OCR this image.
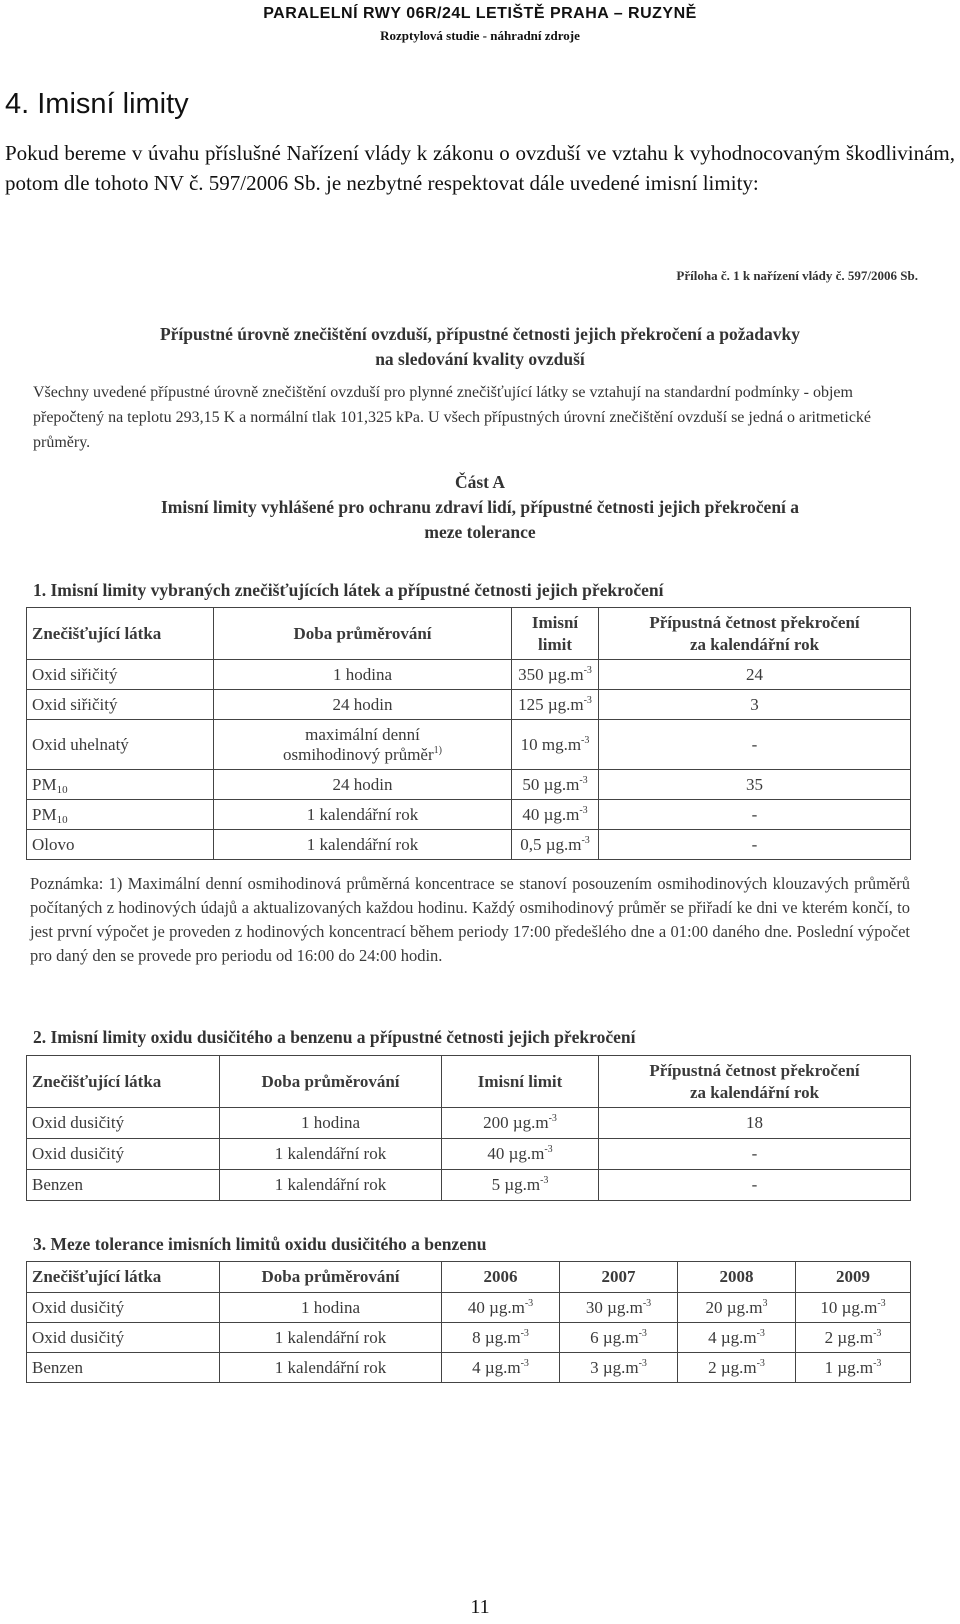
PARALELNÍ RWY 06R/24L LETIŠTĚ PRAHA – RUZYNĚ
Rozptylová studie - náhradní zdroje
4. Imisní limity

Pokud bereme v úvahu příslušné Nařízení vlády k zákonu o ovzduší ve vztahu k vyhodnocovaným škodlivinám, potom dle tohoto NV č. 597/2006 Sb. je nezbytné respektovat dále uvedené imisní limity:

Příloha č. 1 k nařízení vlády č. 597/2006 Sb.
Přípustné úrovně znečištění ovzduší, přípustné četnosti jejich překročení a požadavky
na sledování kvality ovzduší
Všechny uvedené přípustné úrovně znečištění ovzduší pro plynné znečišťující látky se vztahují na standardní podmínky - objem přepočtený na teplotu 293,15 K a normální tlak 101,325 kPa. U všech přípustných úrovní znečištění ovzduší se jedná o aritmetické průměry.
Část A
Imisní limity vyhlášené pro ochranu zdraví lidí, přípustné četnosti jejich překročení a
meze tolerance
1. Imisní limity vybraných znečišťujících látek a přípustné četnosti jejich překročení
Znečišťující látka	Doba průměrování	Imisní limit	Přípustná četnost překročení
za kalendářní rok

Oxid siřičitý	1 hodina	350 $\mu g.m^{-3}$	24
Oxid siřičitý	24 hodin	125 $\mu g.m^{-3}$	3
Oxid uhelnatý	maximální denní
osmihodinový průměr$^{1)}$	10 $mg.m^{-3}$	-
$PM_{10}$	24 hodin	50 $\mu g.m^{-3}$	35
$PM_{10}$	1 kalendářní rok	40 $\mu g.m^{-3}$	-
Olovo	1 kalendářní rok	0,5 $\mu g.m^{-3}$	-
Poznámka: 1) Maximální denní osmihodinová průměrná koncentrace se stanoví posouzením osmihodinových klouzavých průměrů počítaných z hodinových údajů a aktualizovaných každou hodinu. Každý osmihodinový průměr se přiřadí ke dni ve kterém končí, to jest první výpočet je proveden z hodinových koncentrací během periody 17:00 předešlého dne a 01:00 daného dne. Poslední výpočet pro daný den se provede pro periodu od 16:00 do 24:00 hodin.
2. Imisní limity oxidu dusičitého a benzenu a přípustné četnosti jejich překročení
Znečišťující látka	Doba průměrování	Imisní limit	Přípustná četnost překročení
za kalendářní rok

Oxid dusičitý	1 hodina	200 $\mu g.m^{-3}$	18
Oxid dusičitý	1 kalendářní rok	40 $\mu g.m^{-3}$	-
Benzen	1 kalendářní rok	5 $\mu g.m^{-3}$	-
3. Meze tolerance imisních limitů oxidu dusičitého a benzenu
Znečišťující látka	Doba průměrování	2006	2007	2008	2009
Oxid dusičitý	1 hodina	40 $\mu g.m^{-3}$	30 $\mu g.m^{-3}$	20 $\mu g.m^3$	10 $\mu g.m^{-3}$
Oxid dusičitý	1 kalendářní rok	8 $\mu g.m^{-3}$	6 $\mu g.m^{-3}$	4 $\mu g.m^{-3}$	2 $\mu g.m^{-3}$
Benzen	1 kalendářní rok	4 $\mu g.m^{-3}$	3 $\mu g.m^{-3}$	2 $\mu g.m^{-3}$	1 $\mu g.m^{-3}$
11
